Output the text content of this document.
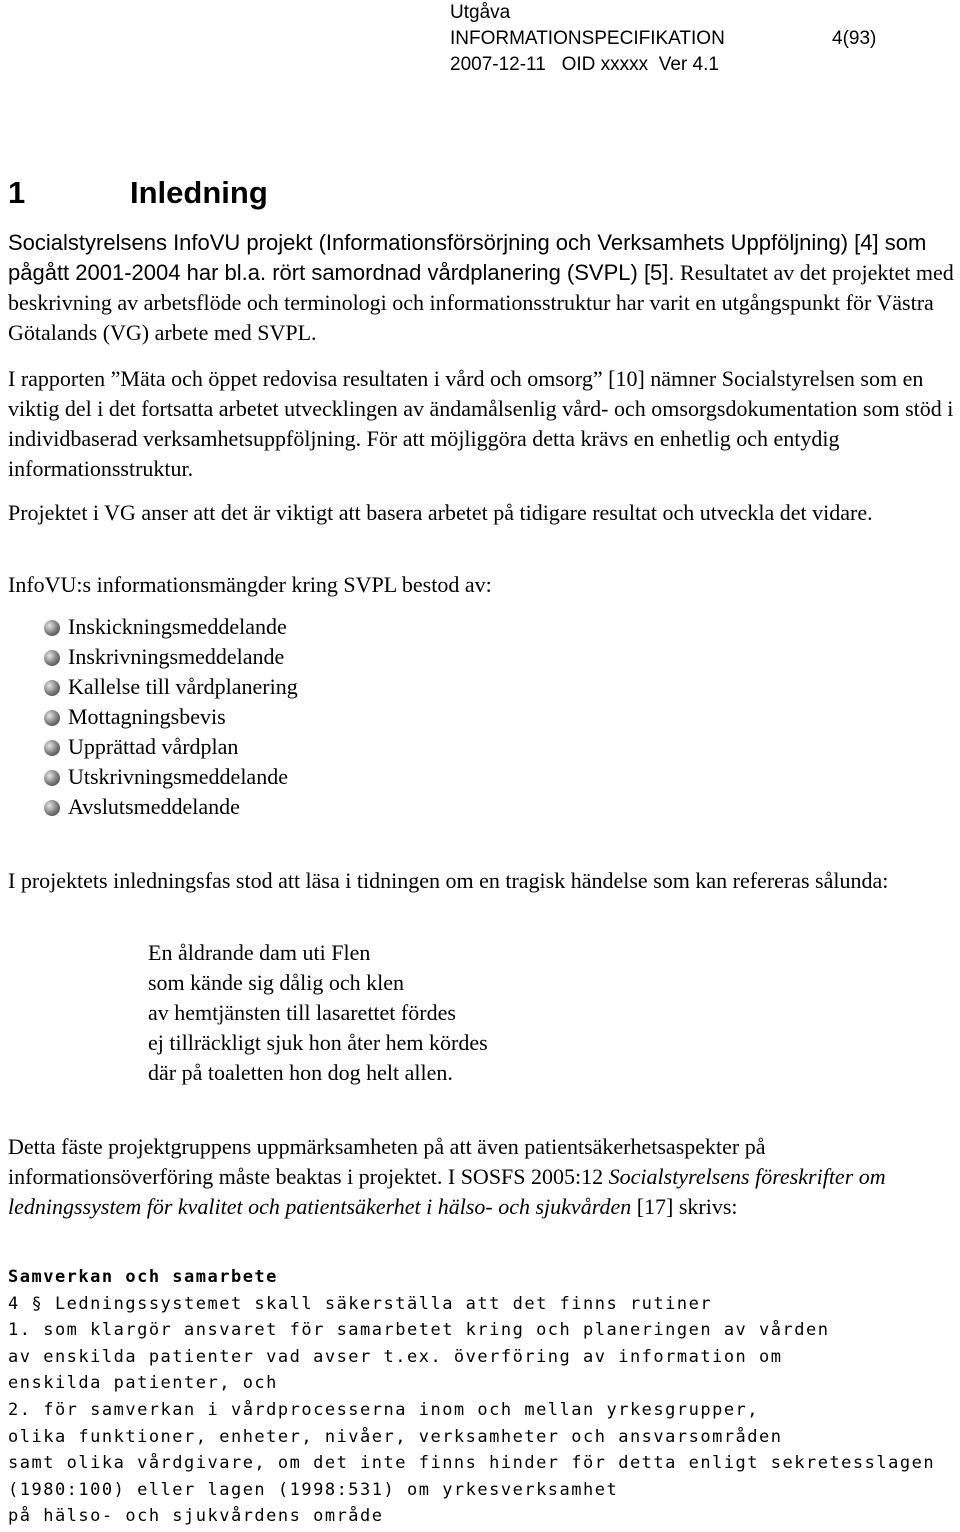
Utgåva
INFORMATIONSPECIFIKATION	4(93)
2007-12-11   OID xxxxx  Ver 4.1
1	Inledning
Socialstyrelsens InfoVU projekt (Informationsförsörjning och Verksamhets Uppföljning) [4] som pågått 2001-2004 har bl.a. rört samordnad vårdplanering (SVPL) [5]. Resultatet av det projektet med beskrivning av arbetsflöde och terminologi och informationsstruktur har varit en utgångspunkt för Västra Götalands (VG) arbete med SVPL.
I rapporten ”Mäta och öppet redovisa resultaten i vård och omsorg” [10] nämner Socialstyrelsen som en viktig del i det fortsatta arbetet utvecklingen av ändamålsenlig vård- och omsorgsdokumentation som stöd i individbaserad verksamhetsuppföljning. För att möjliggöra detta krävs en enhetlig och entydig informationsstruktur.
Projektet i VG anser att det är viktigt att basera arbetet på tidigare resultat och utveckla det vidare.
InfoVU:s informationsmängder kring SVPL bestod av:
Inskickningsmeddelande
Inskrivningsmeddelande
Kallelse till vårdplanering
Mottagningsbevis
Upprättad vårdplan
Utskrivningsmeddelande
Avslutsmeddelande
I projektets inledningsfas stod att läsa i tidningen om en tragisk händelse som kan refereras sålunda:
En åldrande dam uti Flen
som kände sig dålig och klen
av hemtjänsten till lasarettet fördes
ej tillräckligt sjuk hon åter hem kördes
där på toaletten hon dog helt allen.
Detta fäste projektgruppens uppmärksamheten på att även patientsäkerhetsaspekter på informationsöverföring måste beaktas i projektet. I SOSFS 2005:12 Socialstyrelsens föreskrifter om ledningssystem för kvalitet och patientsäkerhet i hälso- och sjukvården [17] skrivs:
Samverkan och samarbete
4 § Ledningssystemet skall säkerställa att det finns rutiner
1. som klargör ansvaret för samarbetet kring och planeringen av vården
av enskilda patienter vad avser t.ex. överföring av information om
enskilda patienter, och
2. för samverkan i vårdprocesserna inom och mellan yrkesgrupper,
olika funktioner, enheter, nivåer, verksamheter och ansvarsområden
samt olika vårdgivare, om det inte finns hinder för detta enligt sekretesslagen
(1980:100) eller lagen (1998:531) om yrkesverksamhet
på hälso- och sjukvårdens område
